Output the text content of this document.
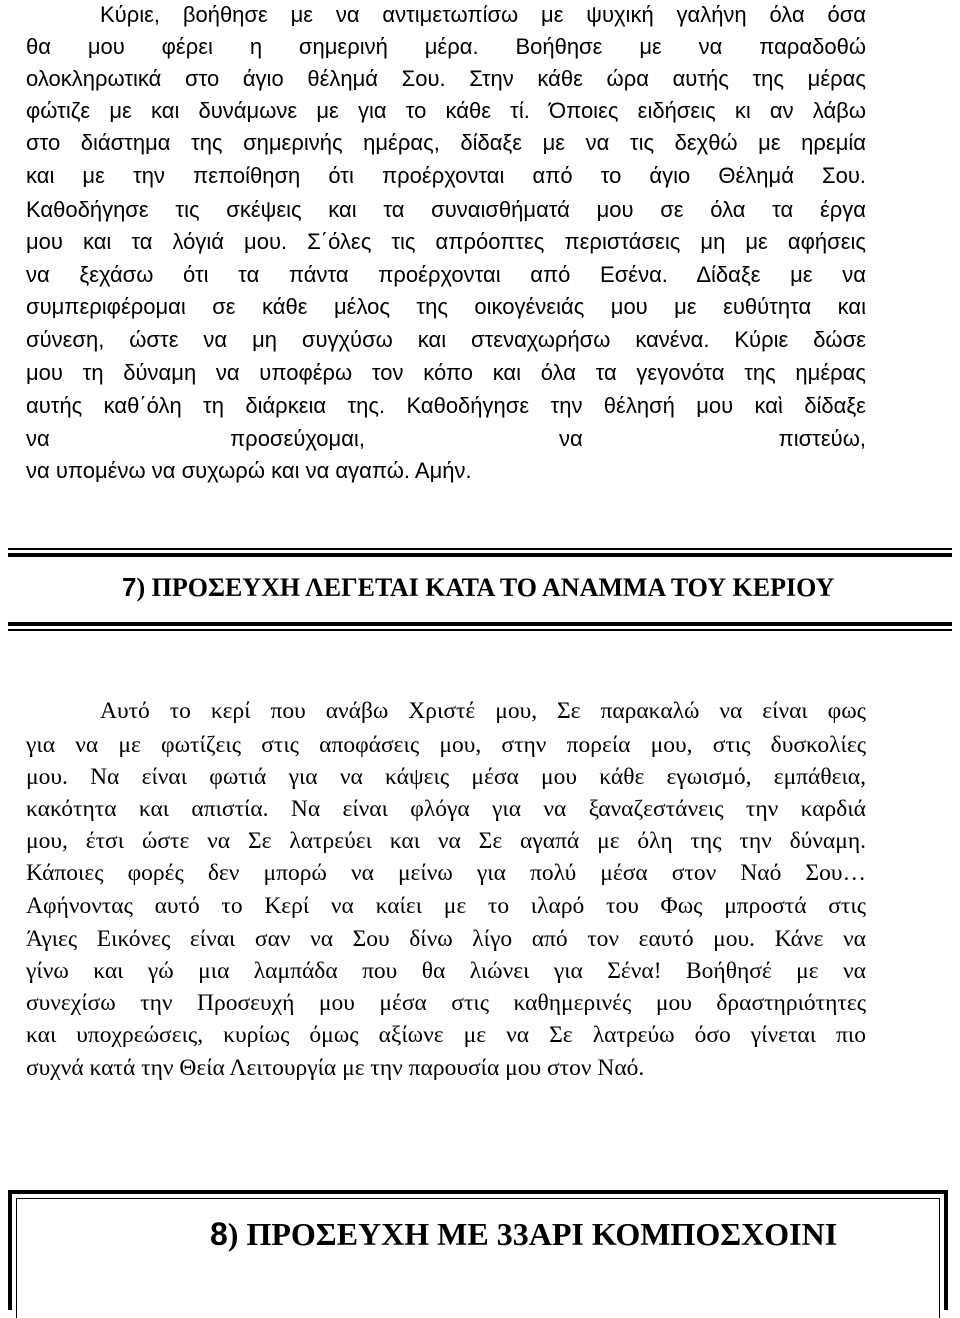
Κύριε, βοήθησε με να αντιμετωπίσω με ψυχική γαλήνη όλα όσα
θα μου φέρει η σημερινή μέρα. Βοήθησε με να παραδοθώ
ολοκληρωτικά στο άγιο θέλημά Σου. Στην κάθε ώρα αυτής της μέρας
φώτιζε με και δυνάμωνε με για το κάθε τί. Όποιες ειδήσεις κι αν λάβω
στο διάστημα της σημερινής ημέρας, δίδαξε με να τις δεχθώ με ηρεμία
και με την πεποίθηση ότι προέρχονται από το άγιο Θέλημά Σου.
Καθοδήγησε τις σκέψεις και τα συναισθήματά μου σε όλα τα έργα
μου και τα λόγιά μου. Σ΄όλες τις απρόοπτες περιστάσεις μη με αφήσεις
να ξεχάσω ότι τα πάντα προέρχονται από Εσένα. Δίδαξε με να
συμπεριφέρομαι σε κάθε μέλος της οικογένειάς μου με ευθύτητα και
σύνεση, ώστε να μη συγχύσω και στεναχωρήσω κανένα. Κύριε δώσε
μου τη δύναμη να υποφέρω τον κόπο και όλα τα γεγονότα της ημέρας
αυτής καθ΄όλη τη διάρκεια της. Καθοδήγησε την θέλησή μου καὶ δίδαξε
να	προσεύχομαι,	να	πιστεύω,
να υπομένω να συχωρώ και να αγαπώ. Αμήν.
7) ΠΡΟΣΕΥΧΗ ΛΕΓΕΤΑΙ ΚΑΤΑ ΤΟ ΑΝΑΜΜΑ ΤΟΥ ΚΕΡΙΟΥ
Αυτό το κερί που ανάβω Χριστέ μου, Σε παρακαλώ να είναι φως
για να με φωτίζεις στις αποφάσεις μου, στην πορεία μου, στις δυσκολίες
μου. Να είναι φωτιά για να κάψεις μέσα μου κάθε εγωισμό, εμπάθεια,
κακότητα και απιστία. Να είναι φλόγα για να ξαναζεστάνεις την καρδιά
μου, έτσι ώστε να Σε λατρεύει και να Σε αγαπά με όλη της την δύναμη.
Κάποιες φορές δεν μπορώ να μείνω για πολύ μέσα στον Ναό Σου…
Αφήνοντας αυτό το Κερί να καίει με το ιλαρό του Φως μπροστά στις
Άγιες Εικόνες είναι σαν να Σου δίνω λίγο από τον εαυτό μου. Κάνε να
γίνω και γώ μια λαμπάδα που θα λιώνει για Σένα! Βοήθησέ με να
συνεχίσω την Προσευχή μου μέσα στις καθημερινές μου δραστηριότητες
και υποχρεώσεις, κυρίως όμως αξίωνε με να Σε λατρεύω όσο γίνεται πιο
συχνά κατά την Θεία Λειτουργία με την παρουσία μου στον Ναό.
8) ΠΡΟΣΕΥΧΗ ΜΕ 33ΑΡΙ ΚΟΜΠΟΣΧΟΙΝΙ
